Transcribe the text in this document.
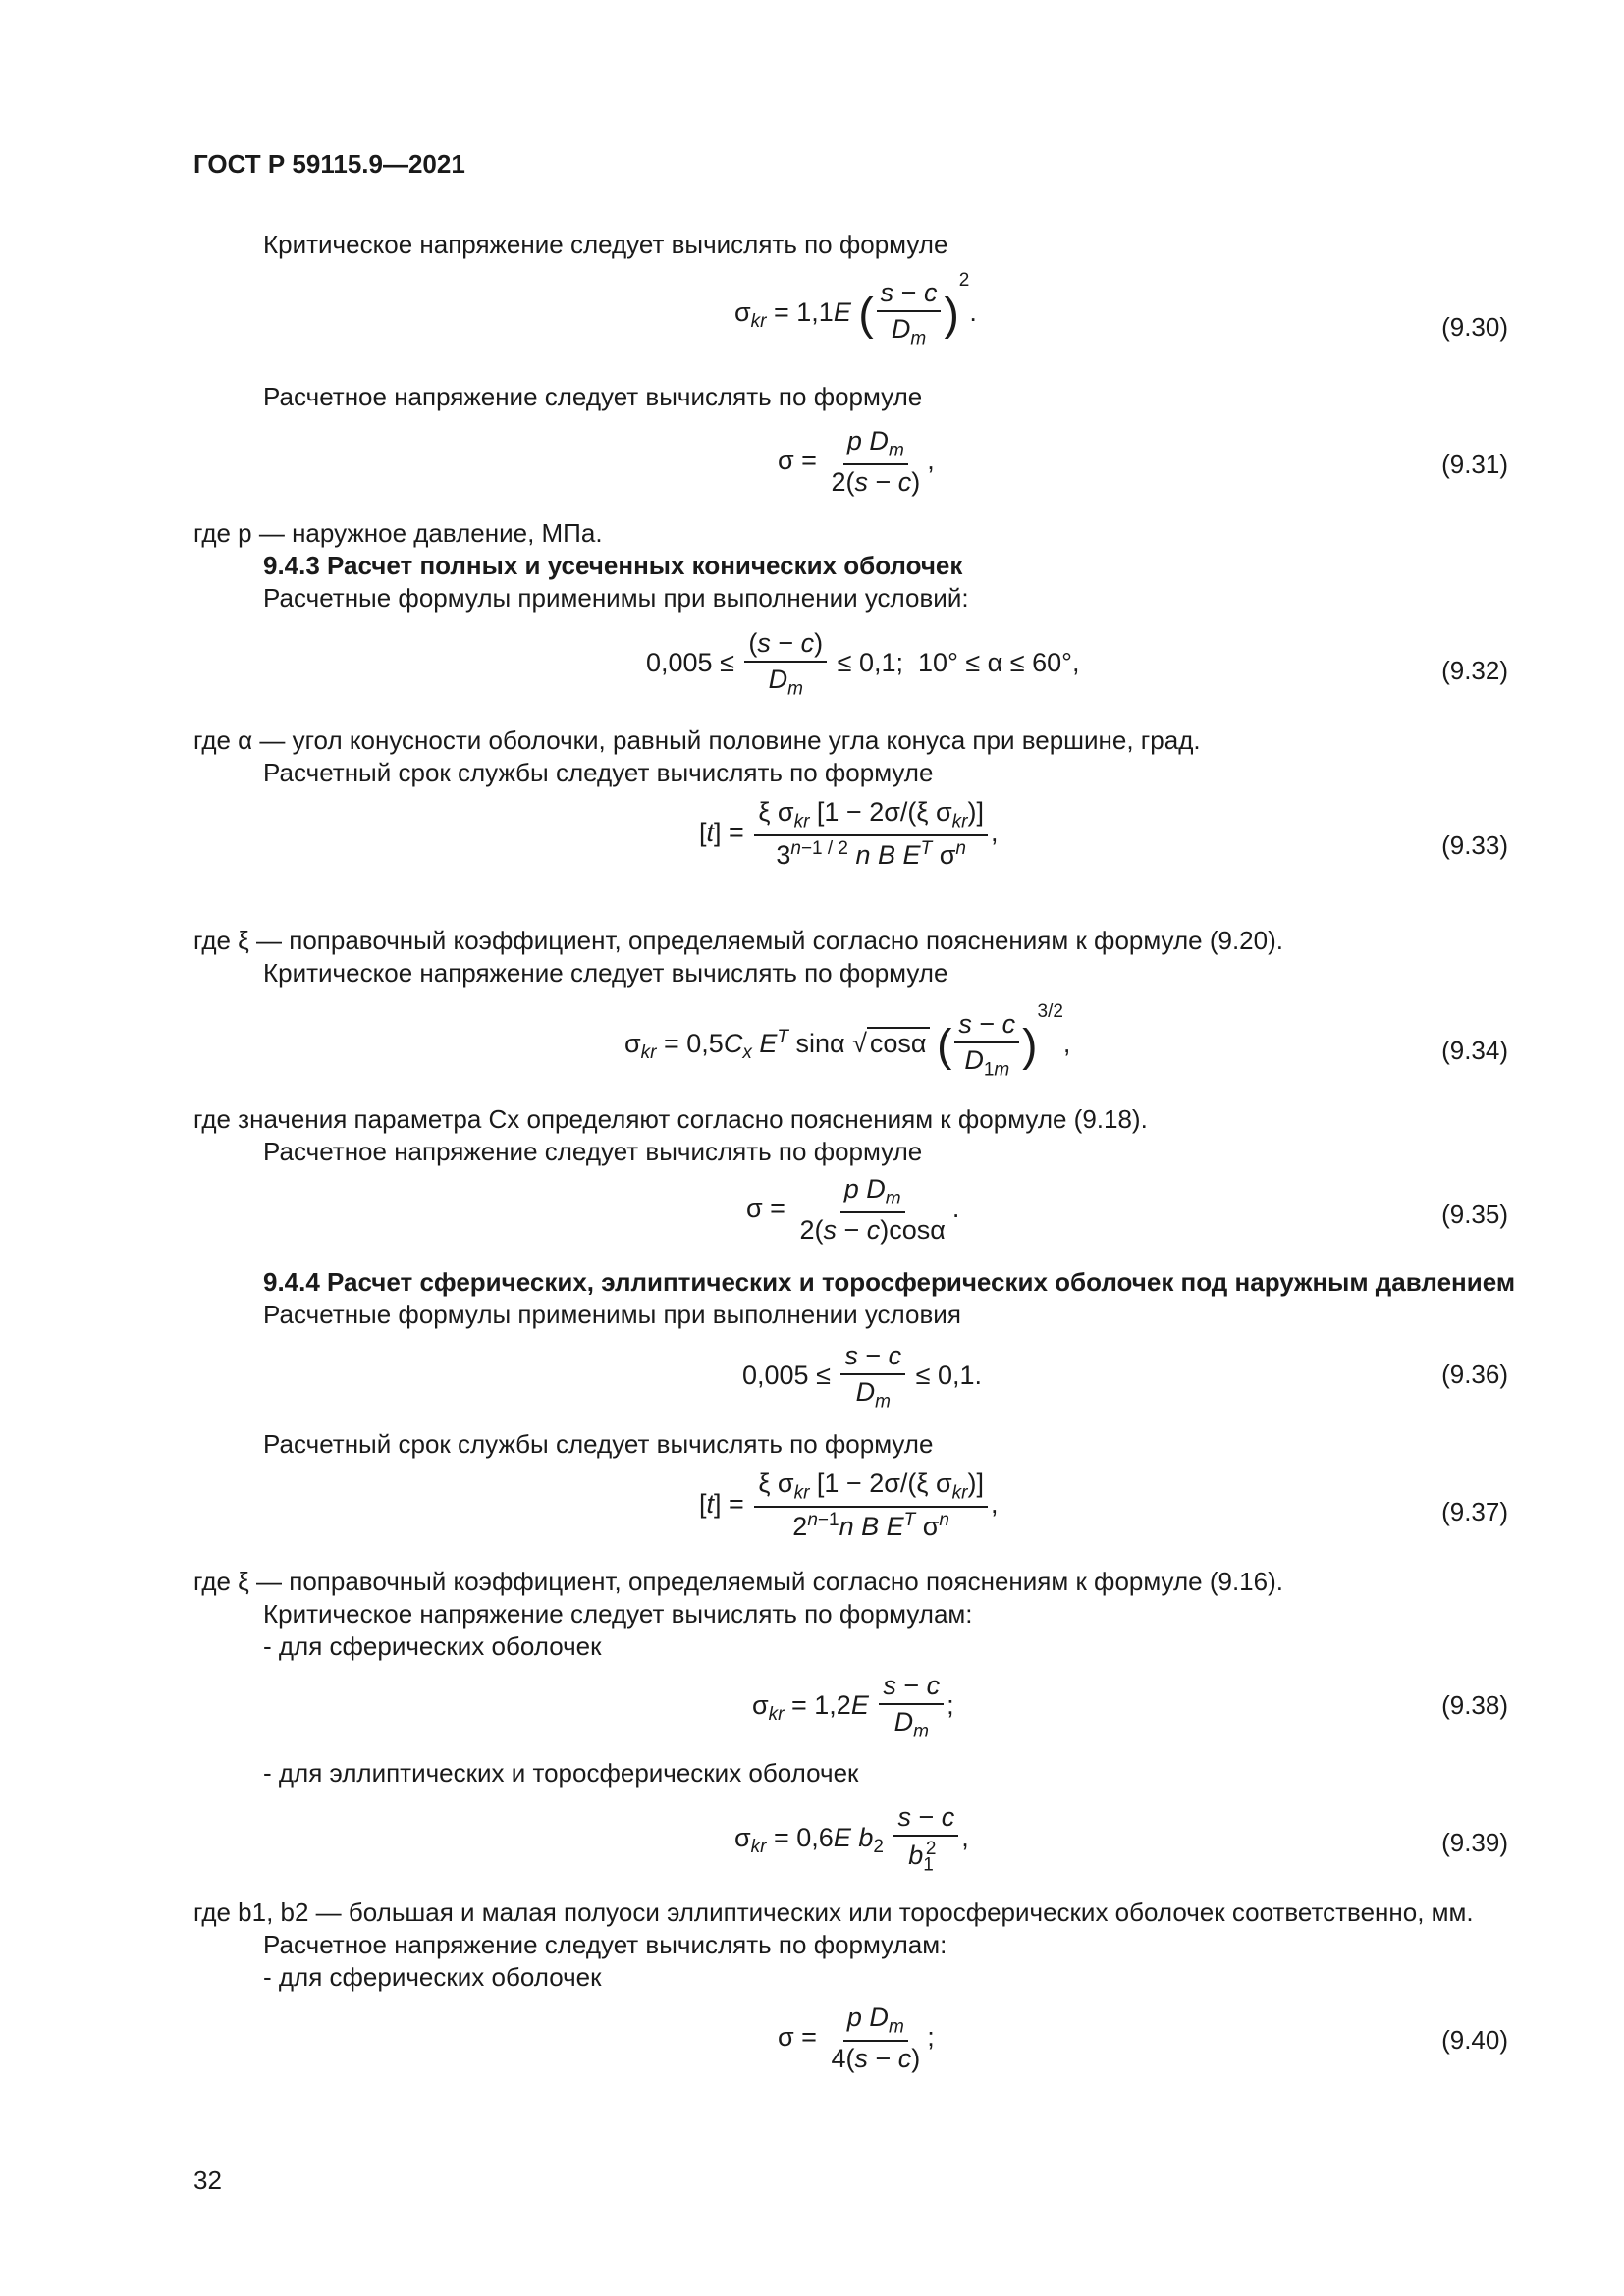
ГОСТ Р 59115.9—2021
Критическое напряжение следует вычислять по формуле
$\sigma_{kr} = 1,1E$ ( $\frac{s - c}{D_m} )^2$.
(9.30)
Расчетное напряжение следует вычислять по формуле
$\sigma = \frac{p D_m}{2(s - c)}$ ,	(9.31)
где p — наружное давление, МПа.
9.4.3 Расчет полных и усеченных конических оболочек
Расчетные формулы применимы при выполнении условий:
$0,005 \le \frac{(s - c)}{D_m} \le 0,1$;  10° ≤ α ≤ 60°,	(9.32)
где α — угол конусности оболочки, равный половине угла конуса при вершине, град.
Расчетный срок службы следует вычислять по формуле
$[t] = \frac{\xi \sigma_{kr} [1 - 2\sigma/(\xi \sigma_{kr})]}{3^{n-1 / 2} n B E^T \sigma^n}$ ,	(9.33)
где ξ — поправочный коэффициент, определяемый согласно пояснениям к формуле (9.20).
Критическое напряжение следует вычислять по формуле
$\sigma_{kr} = 0,5C_x$ $E^T$ sinα √ cosα ( $\frac{s - c}{D_{1m}} )^{3/2}$,	(9.34)
где значения параметра Cx определяют согласно пояснениям к формуле (9.18).
Расчетное напряжение следует вычислять по формуле
$\sigma = \frac{p D_m}{2(s - c)\cos\alpha}$ .	(9.35)
9.4.4 Расчет сферических, эллиптических и торосферических оболочек под наружным давлением
Расчетные формулы применимы при выполнении условия
$0,005 \le \frac{s - c}{D_m} \le 0,1$.	(9.36)
Расчетный срок службы следует вычислять по формуле
$[t] = \frac{\xi \sigma_{kr} [1 - 2\sigma/(\xi \sigma_{kr})]}{2^{n-1}n B E^T \sigma^n}$ ,	(9.37)
где ξ — поправочный коэффициент, определяемый согласно пояснениям к формуле (9.16).
Критическое напряжение следует вычислять по формулам:
- для сферических оболочек
$\sigma_{kr} = 1,2E \frac{s - c}{D_m}$ ;	(9.38)
- для эллиптических и торосферических оболочек
$\sigma_{kr} = 0,6E$ $b_2 \frac{s - c}{b_1^2}$ ,	(9.39)
где b1, b2 — большая и малая полуоси эллиптических или торосферических оболочек соответственно, мм.
Расчетное напряжение следует вычислять по формулам:
- для сферических оболочек
$\sigma = \frac{p D_m}{4(s - c)}$ ;	(9.40)
32
